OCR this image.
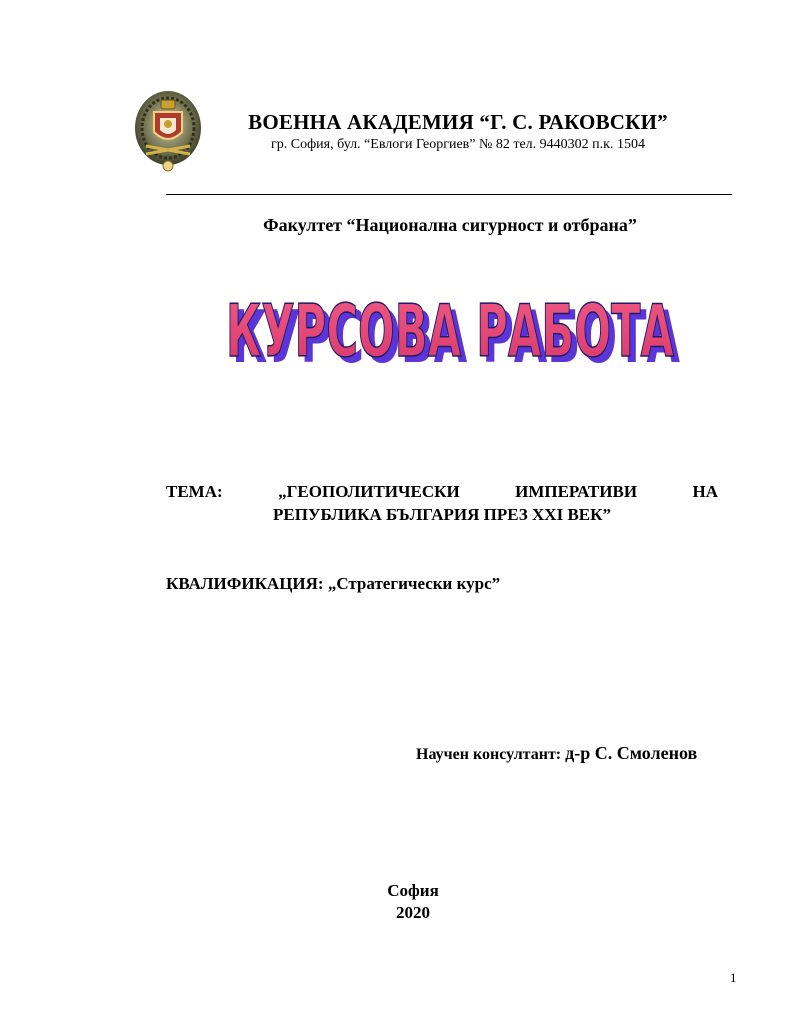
ВОЕННА АКАДЕМИЯ “Г. С. РАКОВСКИ”
гр. София, бул. “Евлоги Георгиев” № 82 тел. 9440302 п.к. 1504
Факултет “Национална сигурност и отбрана”
КУРСОВА РАБОТА
КУРСОВА РАБОТА
ТЕМА:	„ГЕОПОЛИТИЧЕСКИ	ИМПЕРАТИВИ	НА
РЕПУБЛИКА БЪЛГАРИЯ ПРЕЗ XXI ВЕК”
КВАЛИФИКАЦИЯ: „Стратегически курс”
Научен консултант: д-р С. Смоленов
София
2020
1
